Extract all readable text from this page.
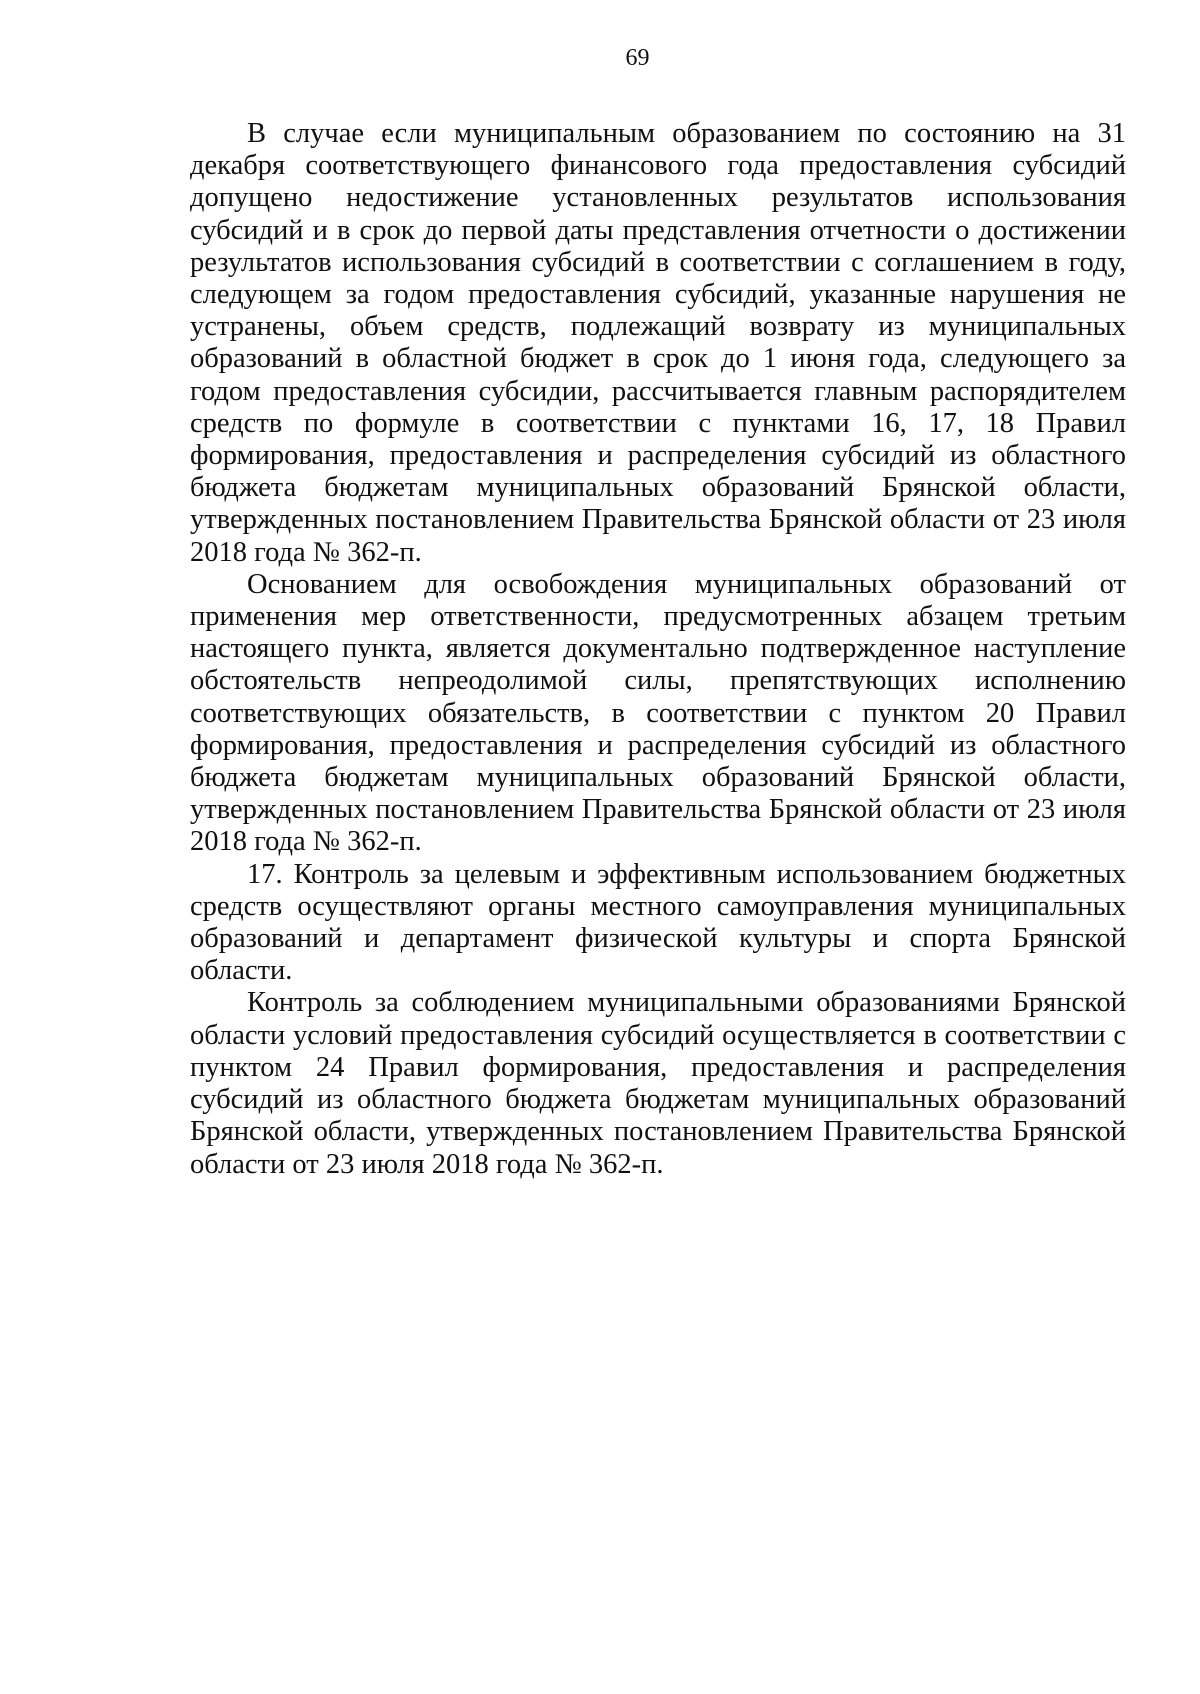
69

В случае если муниципальным образованием по состоянию на 31 декабря соответствующего финансового года предоставления субсидий допущено недостижение установленных результатов использования субсидий и в срок до первой даты представления отчетности о достижении результатов использования субсидий в соответствии с соглашением в году, следующем за годом предоставления субсидий, указанные нарушения не устранены, объем средств, подлежащий возврату из муниципальных образований в областной бюджет в срок до 1 июня года, следующего за годом предоставления субсидии, рассчитывается главным распорядителем средств по формуле в соответствии с пунктами 16, 17, 18 Правил формирования, предоставления и распределения субсидий из областного бюджета бюджетам муниципальных образований Брянской области, утвержденных постановлением Правительства Брянской области от 23 июля 2018 года № 362-п.

Основанием для освобождения муниципальных образований от применения мер ответственности, предусмотренных абзацем третьим настоящего пункта, является документально подтвержденное наступление обстоятельств непреодолимой силы, препятствующих исполнению соответствующих обязательств, в соответствии с пунктом 20 Правил формирования, предоставления и распределения субсидий из областного бюджета бюджетам муниципальных образований Брянской области, утвержденных постановлением Правительства Брянской области от 23 июля 2018 года № 362-п.

17. Контроль за целевым и эффективным использованием бюджетных средств осуществляют органы местного самоуправления муниципальных образований и департамент физической культуры и спорта Брянской области.

Контроль за соблюдением муниципальными образованиями Брянской области условий предоставления субсидий осуществляется в соответствии с пунктом 24 Правил формирования, предоставления и распределения субсидий из областного бюджета бюджетам муниципальных образований Брянской области, утвержденных постановлением Правительства Брянской области от 23 июля 2018 года № 362-п.
